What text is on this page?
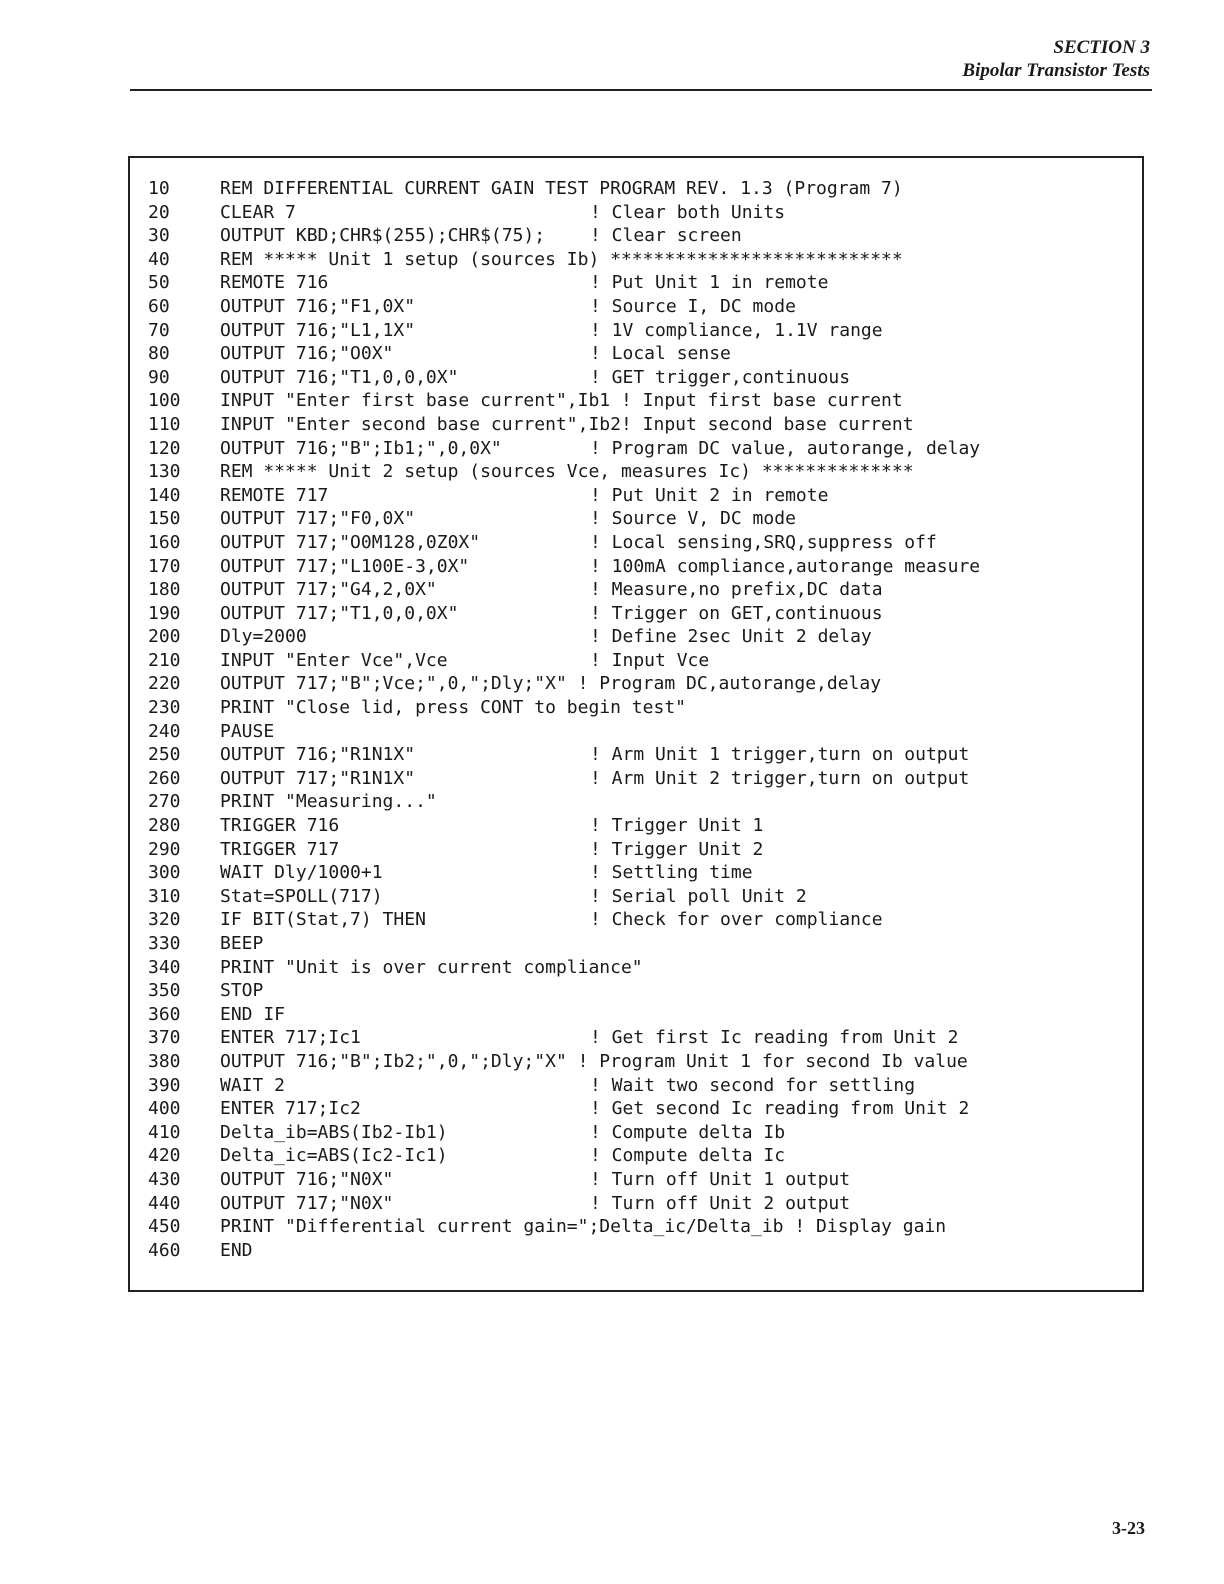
SECTION 3
Bipolar Transistor Tests
10	REM DIFFERENTIAL CURRENT GAIN TEST PROGRAM REV. 1.3 (Program 7)
20	CLEAR 7	! Clear both Units
30	OUTPUT KBD;CHR$(255);CHR$(75); ! Clear screen
40	REM ***** Unit 1 setup (sources Ib) ***************************
50	REMOTE 716	! Put Unit 1 in remote
60	OUTPUT 716;"F1,0X"	! Source I, DC mode
70	OUTPUT 716;"L1,1X"	! 1V compliance, 1.1V range
80	OUTPUT 716;"O0X"	! Local sense
90	OUTPUT 716;"T1,0,0,0X"	! GET trigger,continuous
100	INPUT "Enter first base current",Ib1 ! Input first base current
110	INPUT "Enter second base current",Ib2! Input second base current
120	OUTPUT 716;"B";Ib1;",0,0X"	! Program DC value, autorange, delay
130	REM ***** Unit 2 setup (sources Vce, measures Ic) **************
140	REMOTE 717	! Put Unit 2 in remote
150	OUTPUT 717;"F0,0X"	! Source V, DC mode
160	OUTPUT 717;"O0M128,0Z0X"	! Local sensing,SRQ,suppress off
170	OUTPUT 717;"L100E-3,0X"	! 100mA compliance,autorange measure
180	OUTPUT 717;"G4,2,0X"	! Measure,no prefix,DC data
190	OUTPUT 717;"T1,0,0,0X"	! Trigger on GET,continuous
200	Dly=2000	! Define 2sec Unit 2 delay
210	INPUT "Enter Vce",Vce	! Input Vce
220	OUTPUT 717;"B";Vce;",0,";Dly;"X" ! Program DC,autorange,delay
230	PRINT "Close lid, press CONT to begin test"
240	PAUSE
250	OUTPUT 716;"R1N1X"	! Arm Unit 1 trigger,turn on output
260	OUTPUT 717;"R1N1X"	! Arm Unit 2 trigger,turn on output
270	PRINT "Measuring..."
280	TRIGGER 716	! Trigger Unit 1
290	TRIGGER 717	! Trigger Unit 2
300	WAIT Dly/1000+1	! Settling time
310	Stat=SPOLL(717)	! Serial poll Unit 2
320	IF BIT(Stat,7) THEN	! Check for over compliance
330	BEEP
340	PRINT "Unit is over current compliance"
350	STOP
360	END IF
370	ENTER 717;Ic1	! Get first Ic reading from Unit 2
380	OUTPUT 716;"B";Ib2;",0,";Dly;"X" ! Program Unit 1 for second Ib value
390	WAIT 2	! Wait two second for settling
400	ENTER 717;Ic2	! Get second Ic reading from Unit 2
410	Delta_ib=ABS(Ib2-Ib1)	! Compute delta Ib
420	Delta_ic=ABS(Ic2-Ic1)	! Compute delta Ic
430	OUTPUT 716;"N0X"	! Turn off Unit 1 output
440	OUTPUT 717;"N0X"	! Turn off Unit 2 output
450	PRINT "Differential current gain=";Delta_ic/Delta_ib ! Display gain
460	END
3-23
